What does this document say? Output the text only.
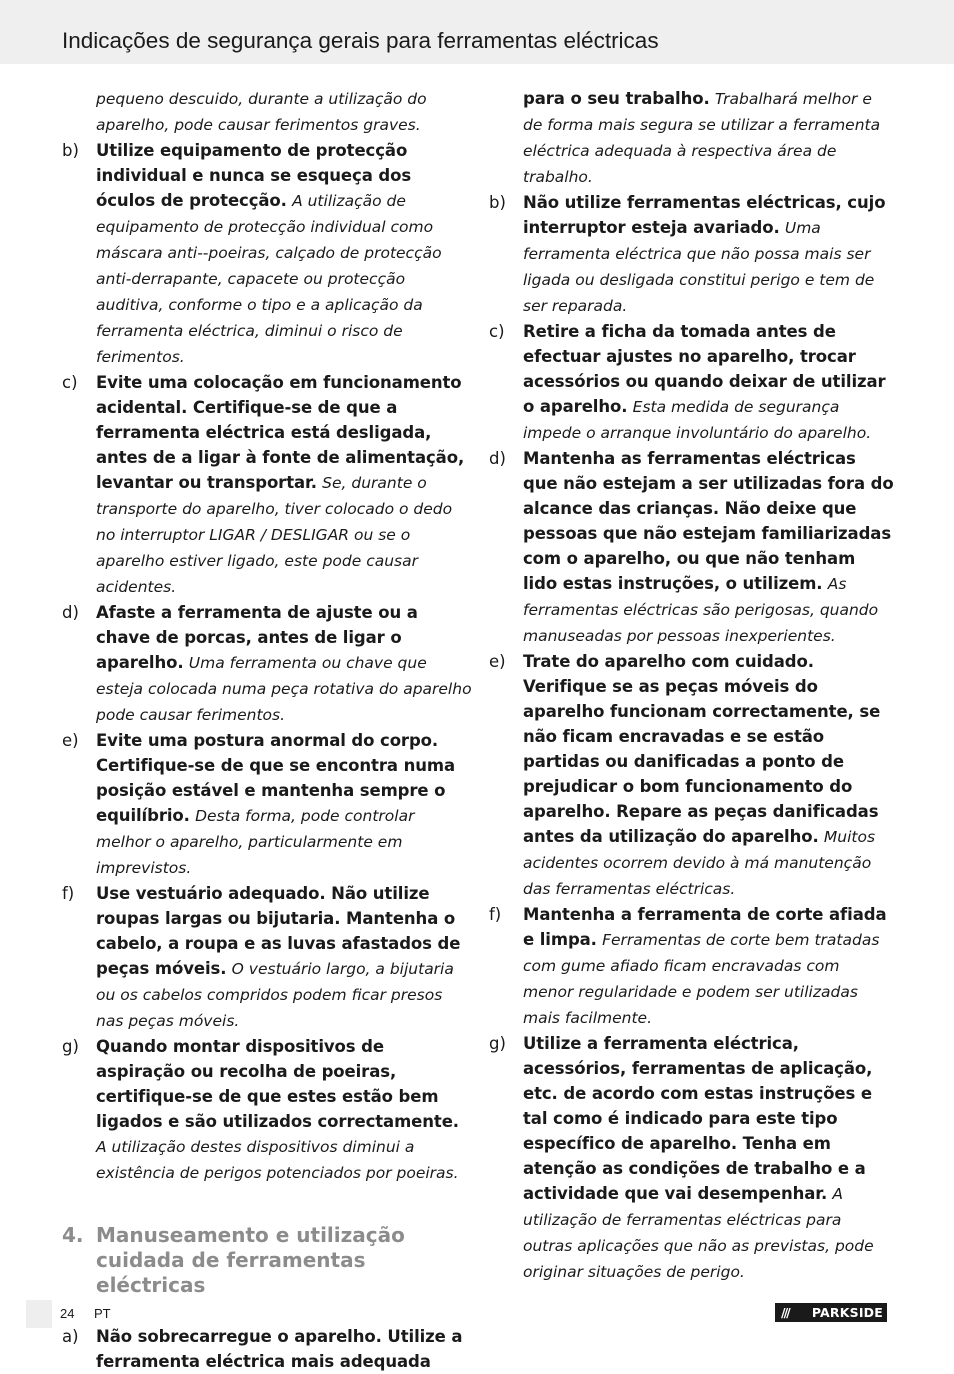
Indicações de segurança gerais para ferramentas eléctricas
pequeno descuido, durante a utilização do aparelho, pode causar ferimentos graves.
b) Utilize equipamento de protecção individual e nunca se esqueça dos óculos de protecção. A utilização de equipamento de protecção individual como máscara anti--poeiras, calçado de protecção anti-derrapante, capacete ou protecção auditiva, conforme o tipo e a aplicação da ferramenta eléctrica, diminui o risco de ferimentos.
c) Evite uma colocação em funcionamento acidental. Certifique-se de que a ferramenta eléctrica está desligada, antes de a ligar à fonte de alimentação, levantar ou transportar. Se, durante o transporte do aparelho, tiver colocado o dedo no interruptor LIGAR / DESLIGAR ou se o aparelho estiver ligado, este pode causar acidentes.
d) Afaste a ferramenta de ajuste ou a chave de porcas, antes de ligar o aparelho. Uma ferramenta ou chave que esteja colocada numa peça rotativa do aparelho pode causar ferimentos.
e) Evite uma postura anormal do corpo. Certifique-se de que se encontra numa posição estável e mantenha sempre o equilíbrio. Desta forma, pode controlar melhor o aparelho, particularmente em imprevistos.
f) Use vestuário adequado. Não utilize roupas largas ou bijutaria. Mantenha o cabelo, a roupa e as luvas afastados de peças móveis. O vestuário largo, a bijutaria ou os cabelos compridos podem ficar presos nas peças móveis.
g) Quando montar dispositivos de aspiração ou recolha de poeiras, certifique-se de que estes estão bem ligados e são utilizados correctamente. A utilização destes dispositivos diminui a existência de perigos potenciados por poeiras.
4. Manuseamento e utilização cuidada de ferramentas eléctricas
a) Não sobrecarregue o aparelho. Utilize a ferramenta eléctrica mais adequada
para o seu trabalho. Trabalhará melhor e de forma mais segura se utilizar a ferramenta eléctrica adequada à respectiva área de trabalho.
b) Não utilize ferramentas eléctricas, cujo interruptor esteja avariado. Uma ferramenta eléctrica que não possa mais ser ligada ou desligada constitui perigo e tem de ser reparada.
c) Retire a ficha da tomada antes de efectuar ajustes no aparelho, trocar acessórios ou quando deixar de utilizar o aparelho. Esta medida de segurança impede o arranque involuntário do aparelho.
d) Mantenha as ferramentas eléctricas que não estejam a ser utilizadas fora do alcance das crianças. Não deixe que pessoas que não estejam familiarizadas com o aparelho, ou que não tenham lido estas instruções, o utilizem. As ferramentas eléctricas são perigosas, quando manuseadas por pessoas inexperientes.
e) Trate do aparelho com cuidado. Verifique se as peças móveis do aparelho funcionam correctamente, se não ficam encravadas e se estão partidas ou danificadas a ponto de prejudicar o bom funcionamento do aparelho. Repare as peças danificadas antes da utilização do aparelho. Muitos acidentes ocorrem devido à má manutenção das ferramentas eléctricas.
f) Mantenha a ferramenta de corte afiada e limpa. Ferramentas de corte bem tratadas com gume afiado ficam encravadas com menor regularidade e podem ser utilizadas mais facilmente.
g) Utilize a ferramenta eléctrica, acessórios, ferramentas de aplicação, etc. de acordo com estas instruções e tal como é indicado para este tipo específico de aparelho. Tenha em atenção as condições de trabalho e a actividade que vai desempenhar. A utilização de ferramentas eléctricas para outras aplicações que não as previstas, pode originar situações de perigo.
24 PT	/// PARKSIDE
